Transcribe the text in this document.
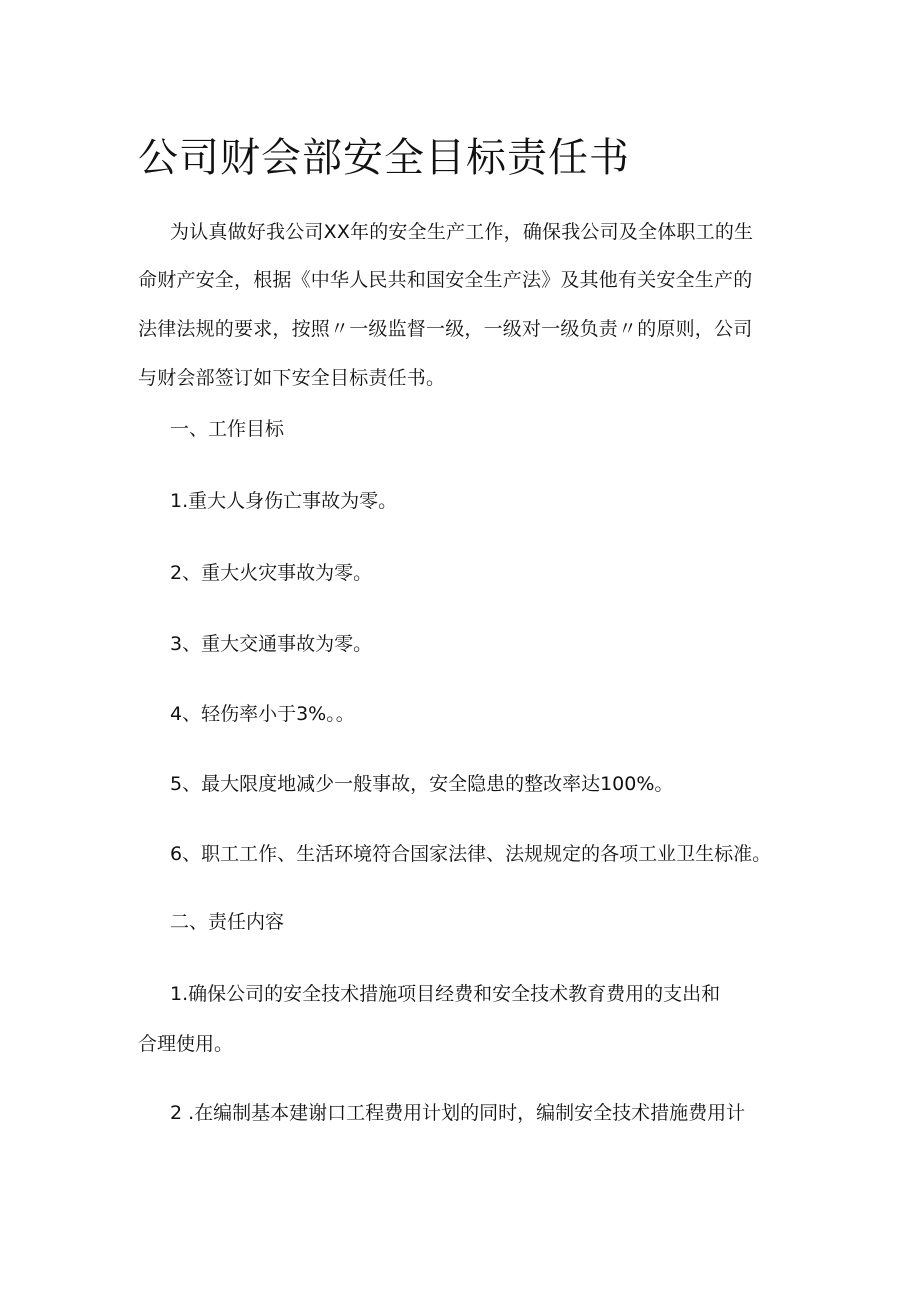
公司财会部安全目标责任书
为认真做好我公司XX年的安全生产工作，确保我公司及全体职工的生
命财产安全，根据《中华人民共和国安全生产法》及其他有关安全生产的
法律法规的要求，按照〃一级监督一级，一级对一级负责〃的原则，公司
与财会部签订如下安全目标责任书。
一、工作目标
1.重大人身伤亡事故为零。
2、重大火灾事故为零。
3、重大交通事故为零。
4、轻伤率小于3%。。
5、最大限度地减少一般事故，安全隐患的整改率达100%。
6、职工工作、生活环境符合国家法律、法规规定的各项工业卫生标准。
二、责任内容
1.确保公司的安全技术措施项目经费和安全技术教育费用的支出和
合理使用。
2 .在编制基本建谢口工程费用计划的同时，编制安全技术措施费用计
